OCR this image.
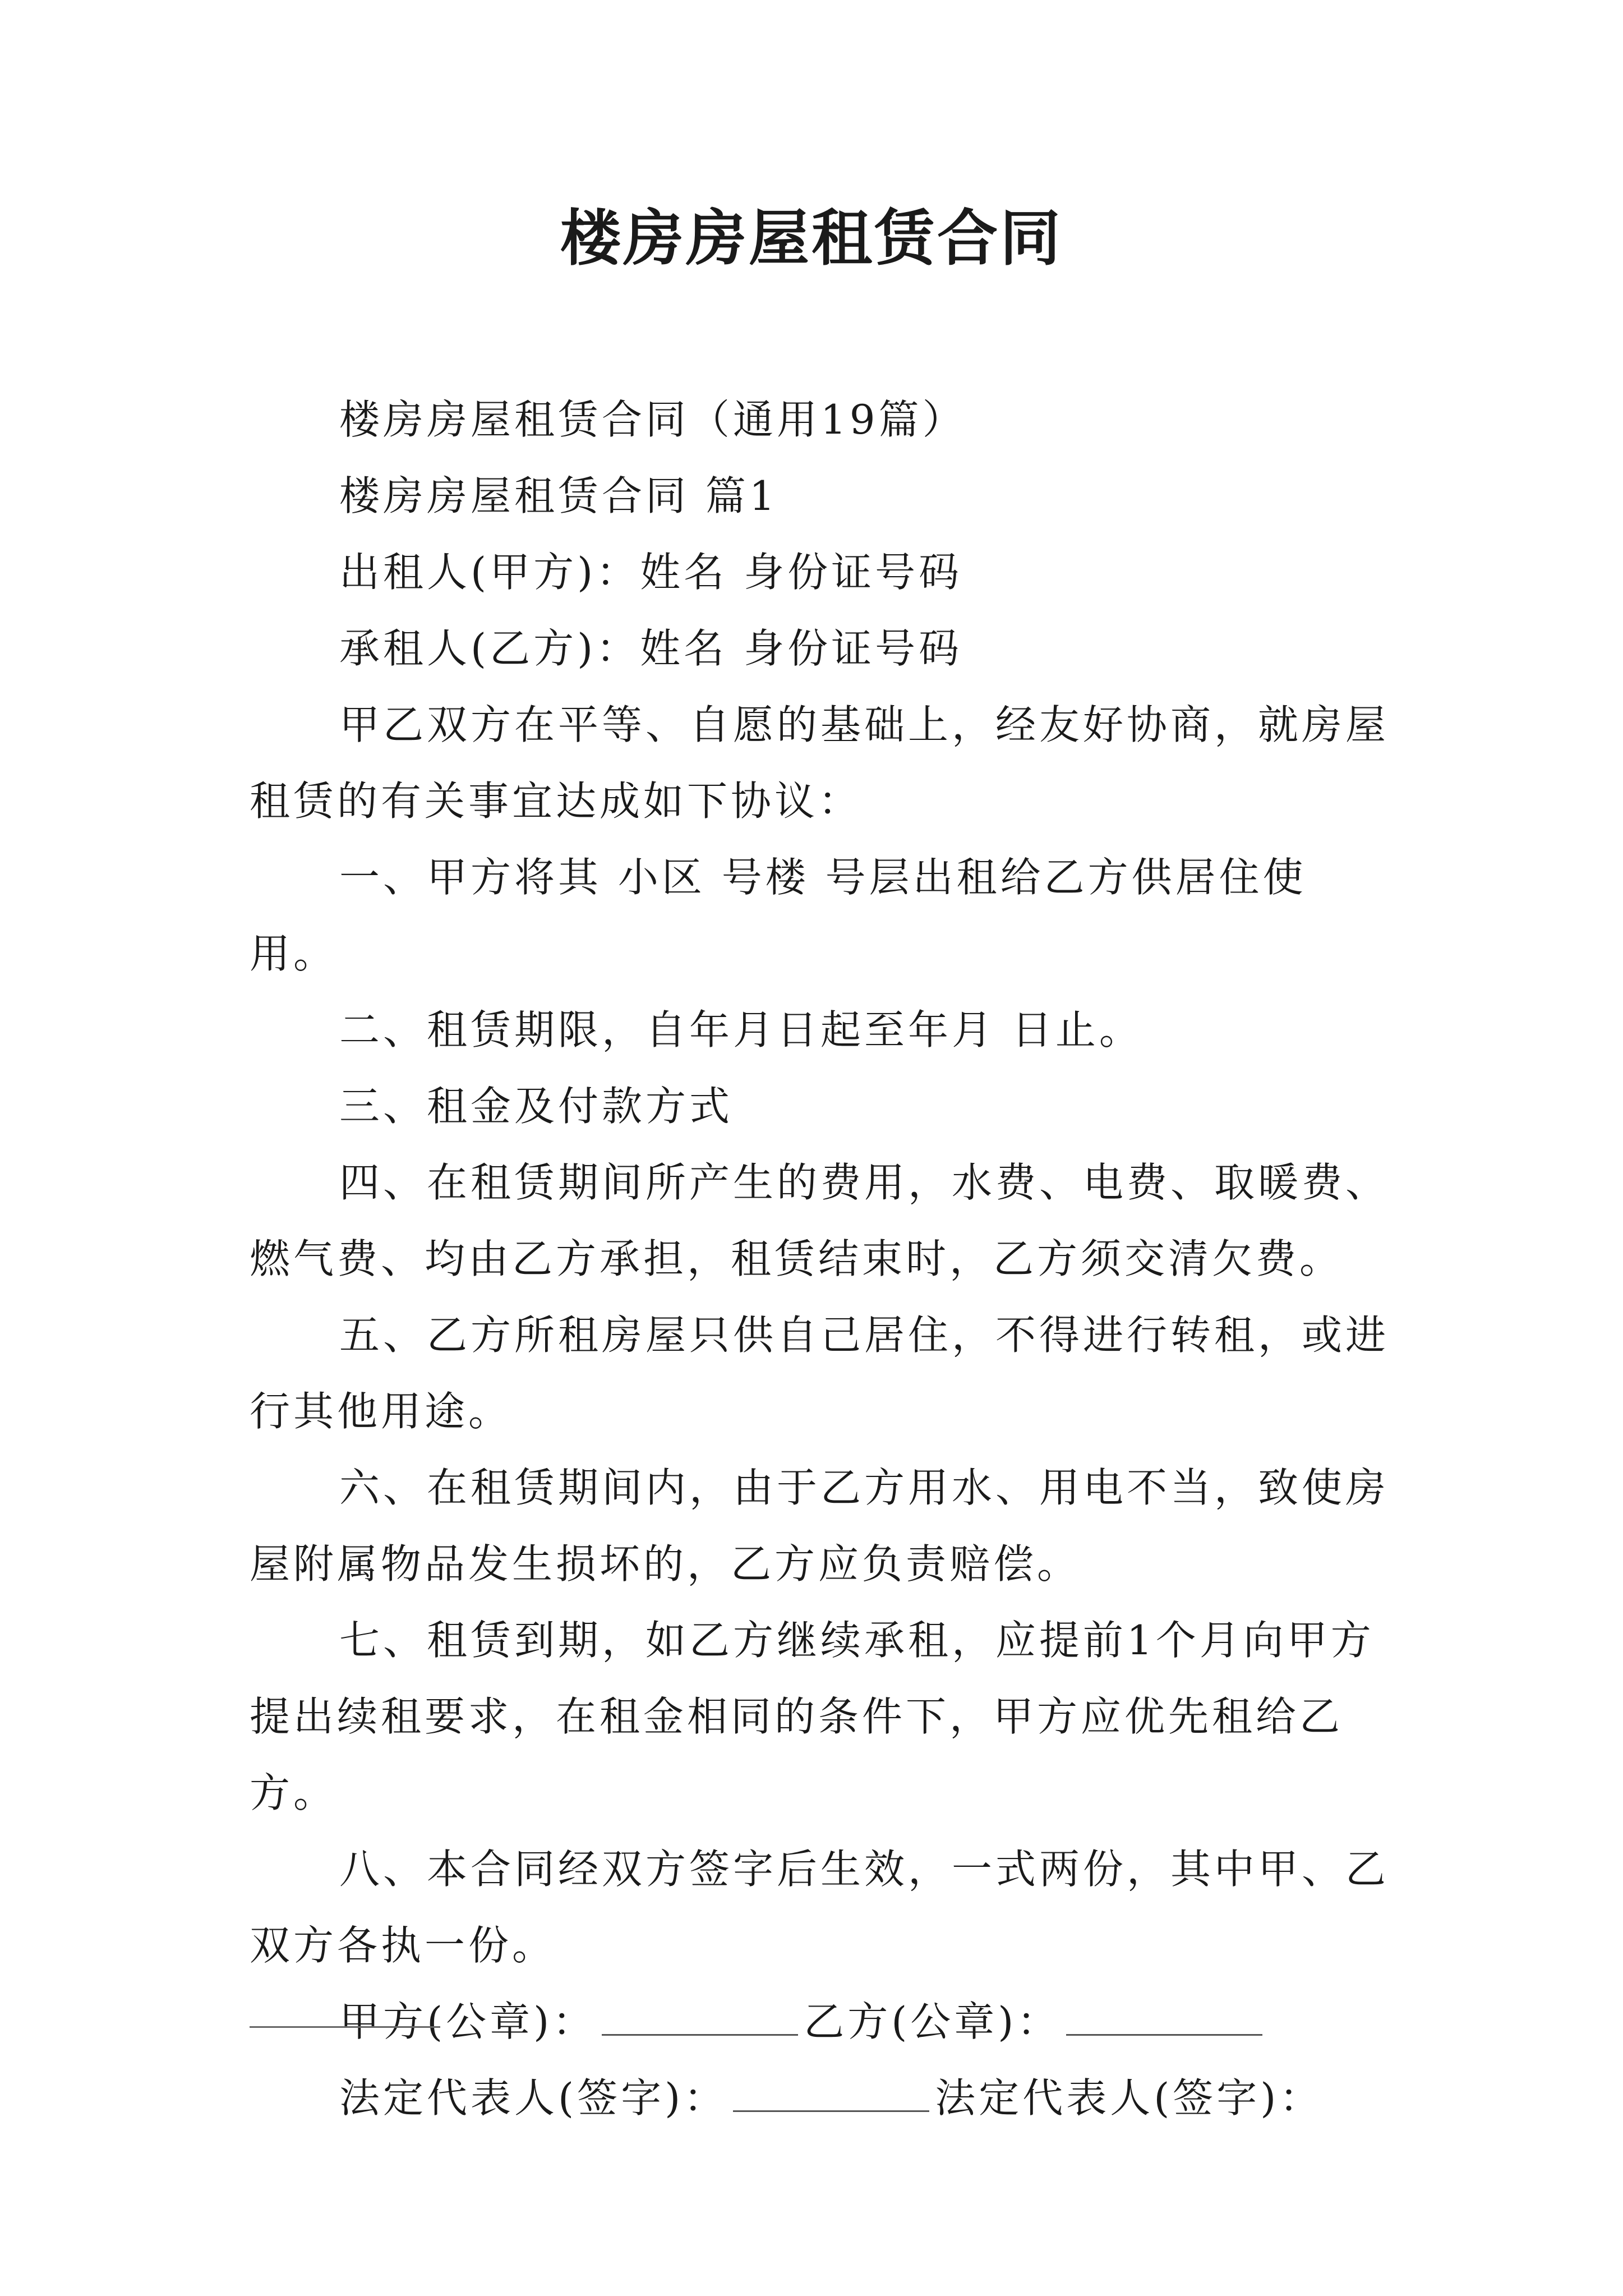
楼房房屋租赁合同

楼房房屋租赁合同（通用19篇）

楼房房屋租赁合同 篇1

出租人(甲方)：姓名 身份证号码

承租人(乙方)：姓名 身份证号码

甲乙双方在平等、自愿的基础上，经友好协商，就房屋租赁的有关事宜达成如下协议：

一、甲方将其 小区 号楼 号层出租给乙方供居住使用。

二、租赁期限，自年月日起至年月 日止。

三、租金及付款方式

四、在租赁期间所产生的费用，水费、电费、取暖费、燃气费、均由乙方承担，租赁结束时，乙方须交清欠费。

五、乙方所租房屋只供自己居住，不得进行转租，或进行其他用途。

六、在租赁期间内，由于乙方用水、用电不当，致使房屋附属物品发生损坏的，乙方应负责赔偿。

七、租赁到期，如乙方继续承租，应提前1个月向甲方提出续租要求，在租金相同的条件下，甲方应优先租给乙方。

八、本合同经双方签字后生效，一式两份，其中甲、乙双方各执一份。

甲方(公章)：	乙方(公章)：

法定代表人(签字)：	法定代表人(签字)：
